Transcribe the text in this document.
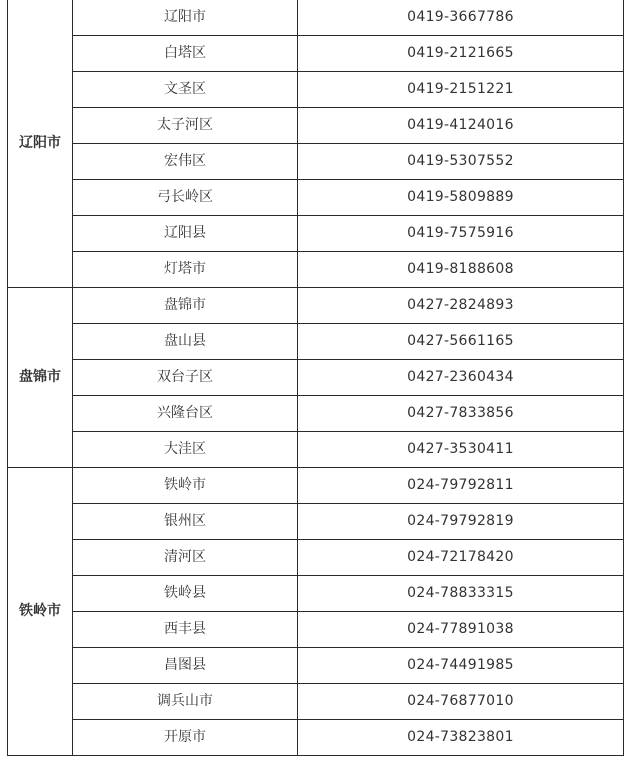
辽阳市	辽阳市	0419-3667786
	白塔区	0419-2121665
	文圣区	0419-2151221
	太子河区	0419-4124016
	宏伟区	0419-5307552
	弓长岭区	0419-5809889
	辽阳县	0419-7575916
	灯塔市	0419-8188608
盘锦市	盘锦市	0427-2824893
	盘山县	0427-5661165
	双台子区	0427-2360434
	兴隆台区	0427-7833856
	大洼区	0427-3530411
铁岭市	铁岭市	024-79792811
	银州区	024-79792819
	清河区	024-72178420
	铁岭县	024-78833315
	西丰县	024-77891038
	昌图县	024-74491985
	调兵山市	024-76877010
	开原市	024-73823801
